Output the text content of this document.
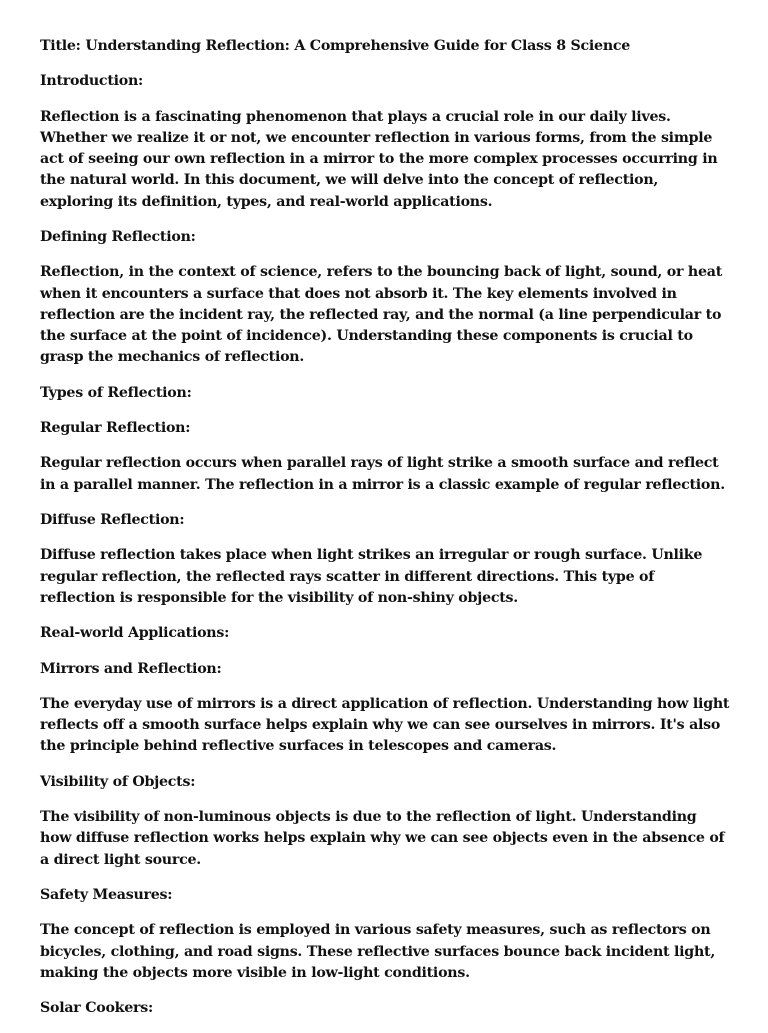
Title: Understanding Reflection: A Comprehensive Guide for Class 8 Science

Introduction:

Reflection is a fascinating phenomenon that plays a crucial role in our daily lives. Whether we realize it or not, we encounter reflection in various forms, from the simple act of seeing our own reflection in a mirror to the more complex processes occurring in the natural world. In this document, we will delve into the concept of reflection, exploring its definition, types, and real-world applications.

Defining Reflection:

Reflection, in the context of science, refers to the bouncing back of light, sound, or heat when it encounters a surface that does not absorb it. The key elements involved in reflection are the incident ray, the reflected ray, and the normal (a line perpendicular to the surface at the point of incidence). Understanding these components is crucial to grasp the mechanics of reflection.

Types of Reflection:

Regular Reflection:

Regular reflection occurs when parallel rays of light strike a smooth surface and reflect in a parallel manner. The reflection in a mirror is a classic example of regular reflection.

Diffuse Reflection:

Diffuse reflection takes place when light strikes an irregular or rough surface. Unlike regular reflection, the reflected rays scatter in different directions. This type of reflection is responsible for the visibility of non-shiny objects.

Real-world Applications:

Mirrors and Reflection:

The everyday use of mirrors is a direct application of reflection. Understanding how light reflects off a smooth surface helps explain why we can see ourselves in mirrors. It's also the principle behind reflective surfaces in telescopes and cameras.

Visibility of Objects:

The visibility of non-luminous objects is due to the reflection of light. Understanding how diffuse reflection works helps explain why we can see objects even in the absence of a direct light source.

Safety Measures:

The concept of reflection is employed in various safety measures, such as reflectors on bicycles, clothing, and road signs. These reflective surfaces bounce back incident light, making the objects more visible in low-light conditions.

Solar Cookers:
